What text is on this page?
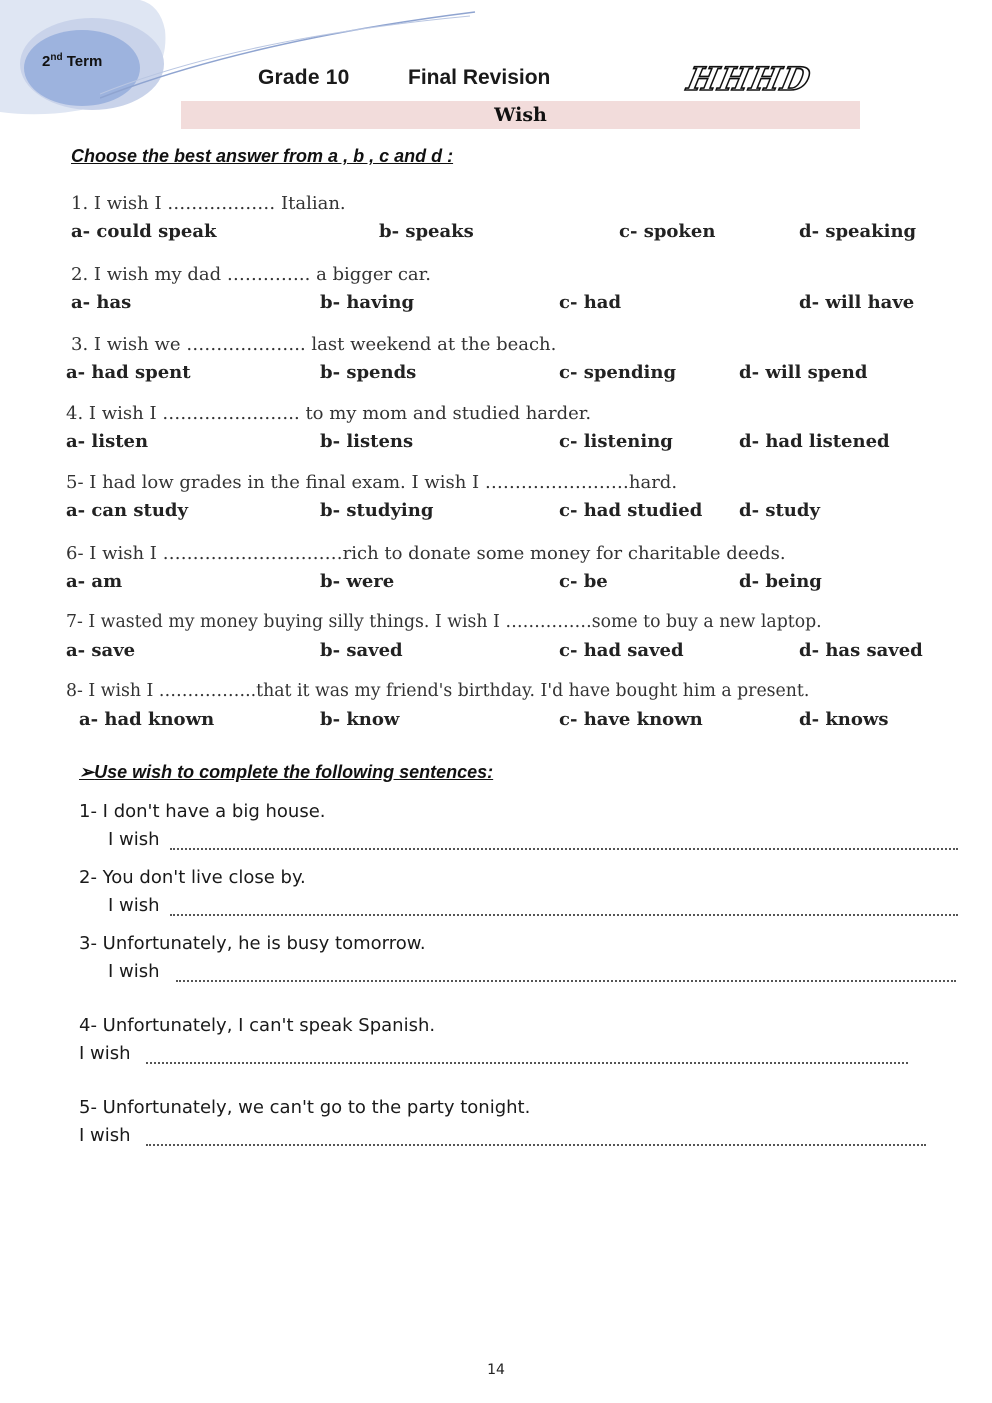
2nd Term
Grade 10	Final Revision	HHHD
Wish
Choose the best answer from a , b , c and d :
1. I wish I ……………… Italian.
a- could speak	b- speaks	c- spoken	d- speaking
2. I wish my dad ………….. a bigger car.
a- has	b- having	c- had	d- will have
3. I wish we ……………….. last weekend at the beach.
a- had spent	b- spends	c- spending	d- will spend
4. I wish I ………………….. to my mom and studied harder.
a- listen	b- listens	c- listening	d- had listened
5- I had low grades in the final exam. I wish I ……………………hard.
a- can study	b- studying	c- had studied d- study
6- I wish I …………………………rich to donate some money for charitable deeds.
a- am	b- were	c- be	d- being
7- I wasted my money buying silly things. I wish I ……………some to buy a new laptop.
a- save	b- saved	c- had saved	d- has saved
8- I wish I ……………..that it was my friend's birthday. I'd have bought him a present.
a- had known	b- know	c- have known	d- knows
➢Use wish to complete the following sentences:
1- I don't have a big house.
I wish
2- You don't live close by.
I wish
3- Unfortunately, he is busy tomorrow.
I wish
4- Unfortunately, I can't speak Spanish.
I wish
5- Unfortunately, we can't go to the party tonight.
I wish
14
